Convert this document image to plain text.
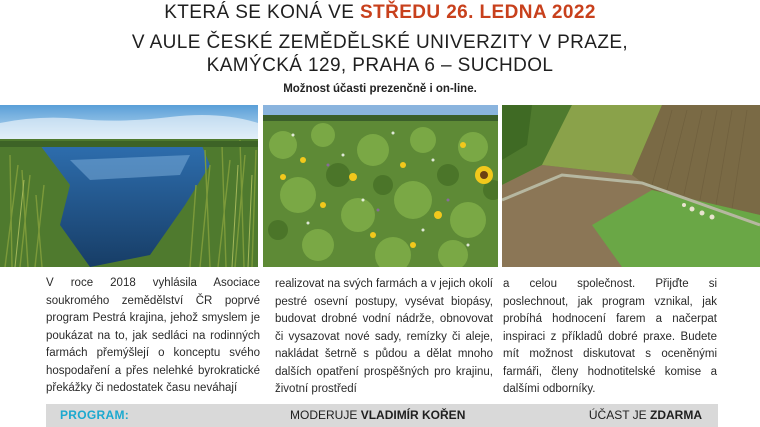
KTERÁ SE KONÁ VE STŘEDU 26. LEDNA 2022
V AULE ČESKÉ ZEMĚDĚLSKÉ UNIVERZITY V PRAZE,
KAMÝCKÁ 129, PRAHA 6 – SUCHDOL
Možnost účasti prezenčně i on-line.
V roce 2018 vyhlásila Asociace soukromého zemědělství ČR poprvé program Pestrá krajina, jehož smyslem je poukázat na to, jak sedláci na rodinných farmách přemýšlejí o konceptu svého hospodaření a přes nelehké byrokratické překážky či nedostatek času neváhají
realizovat na svých farmách a v jejich okolí pestré osevní postupy, vysévat biopásy, budovat drobné vodní nádrže, obnovovat či vysazovat nové sady, remízky či aleje, nakládat šetrně s půdou a dělat mnoho dalších opatření prospěšných pro krajinu, životní prostředí
a celou společnost. Přijďte si poslechnout, jak program vznikal, jak probíhá hodnocení farem a načerpat inspiraci z příkladů dobré praxe. Budete mít možnost diskutovat s oceněnými farmáři, členy hodnotitelské komise a dalšími odborníky.
PROGRAM:	MODERUJE VLADIMÍR KOŘEN	ÚČAST JE ZDARMA
